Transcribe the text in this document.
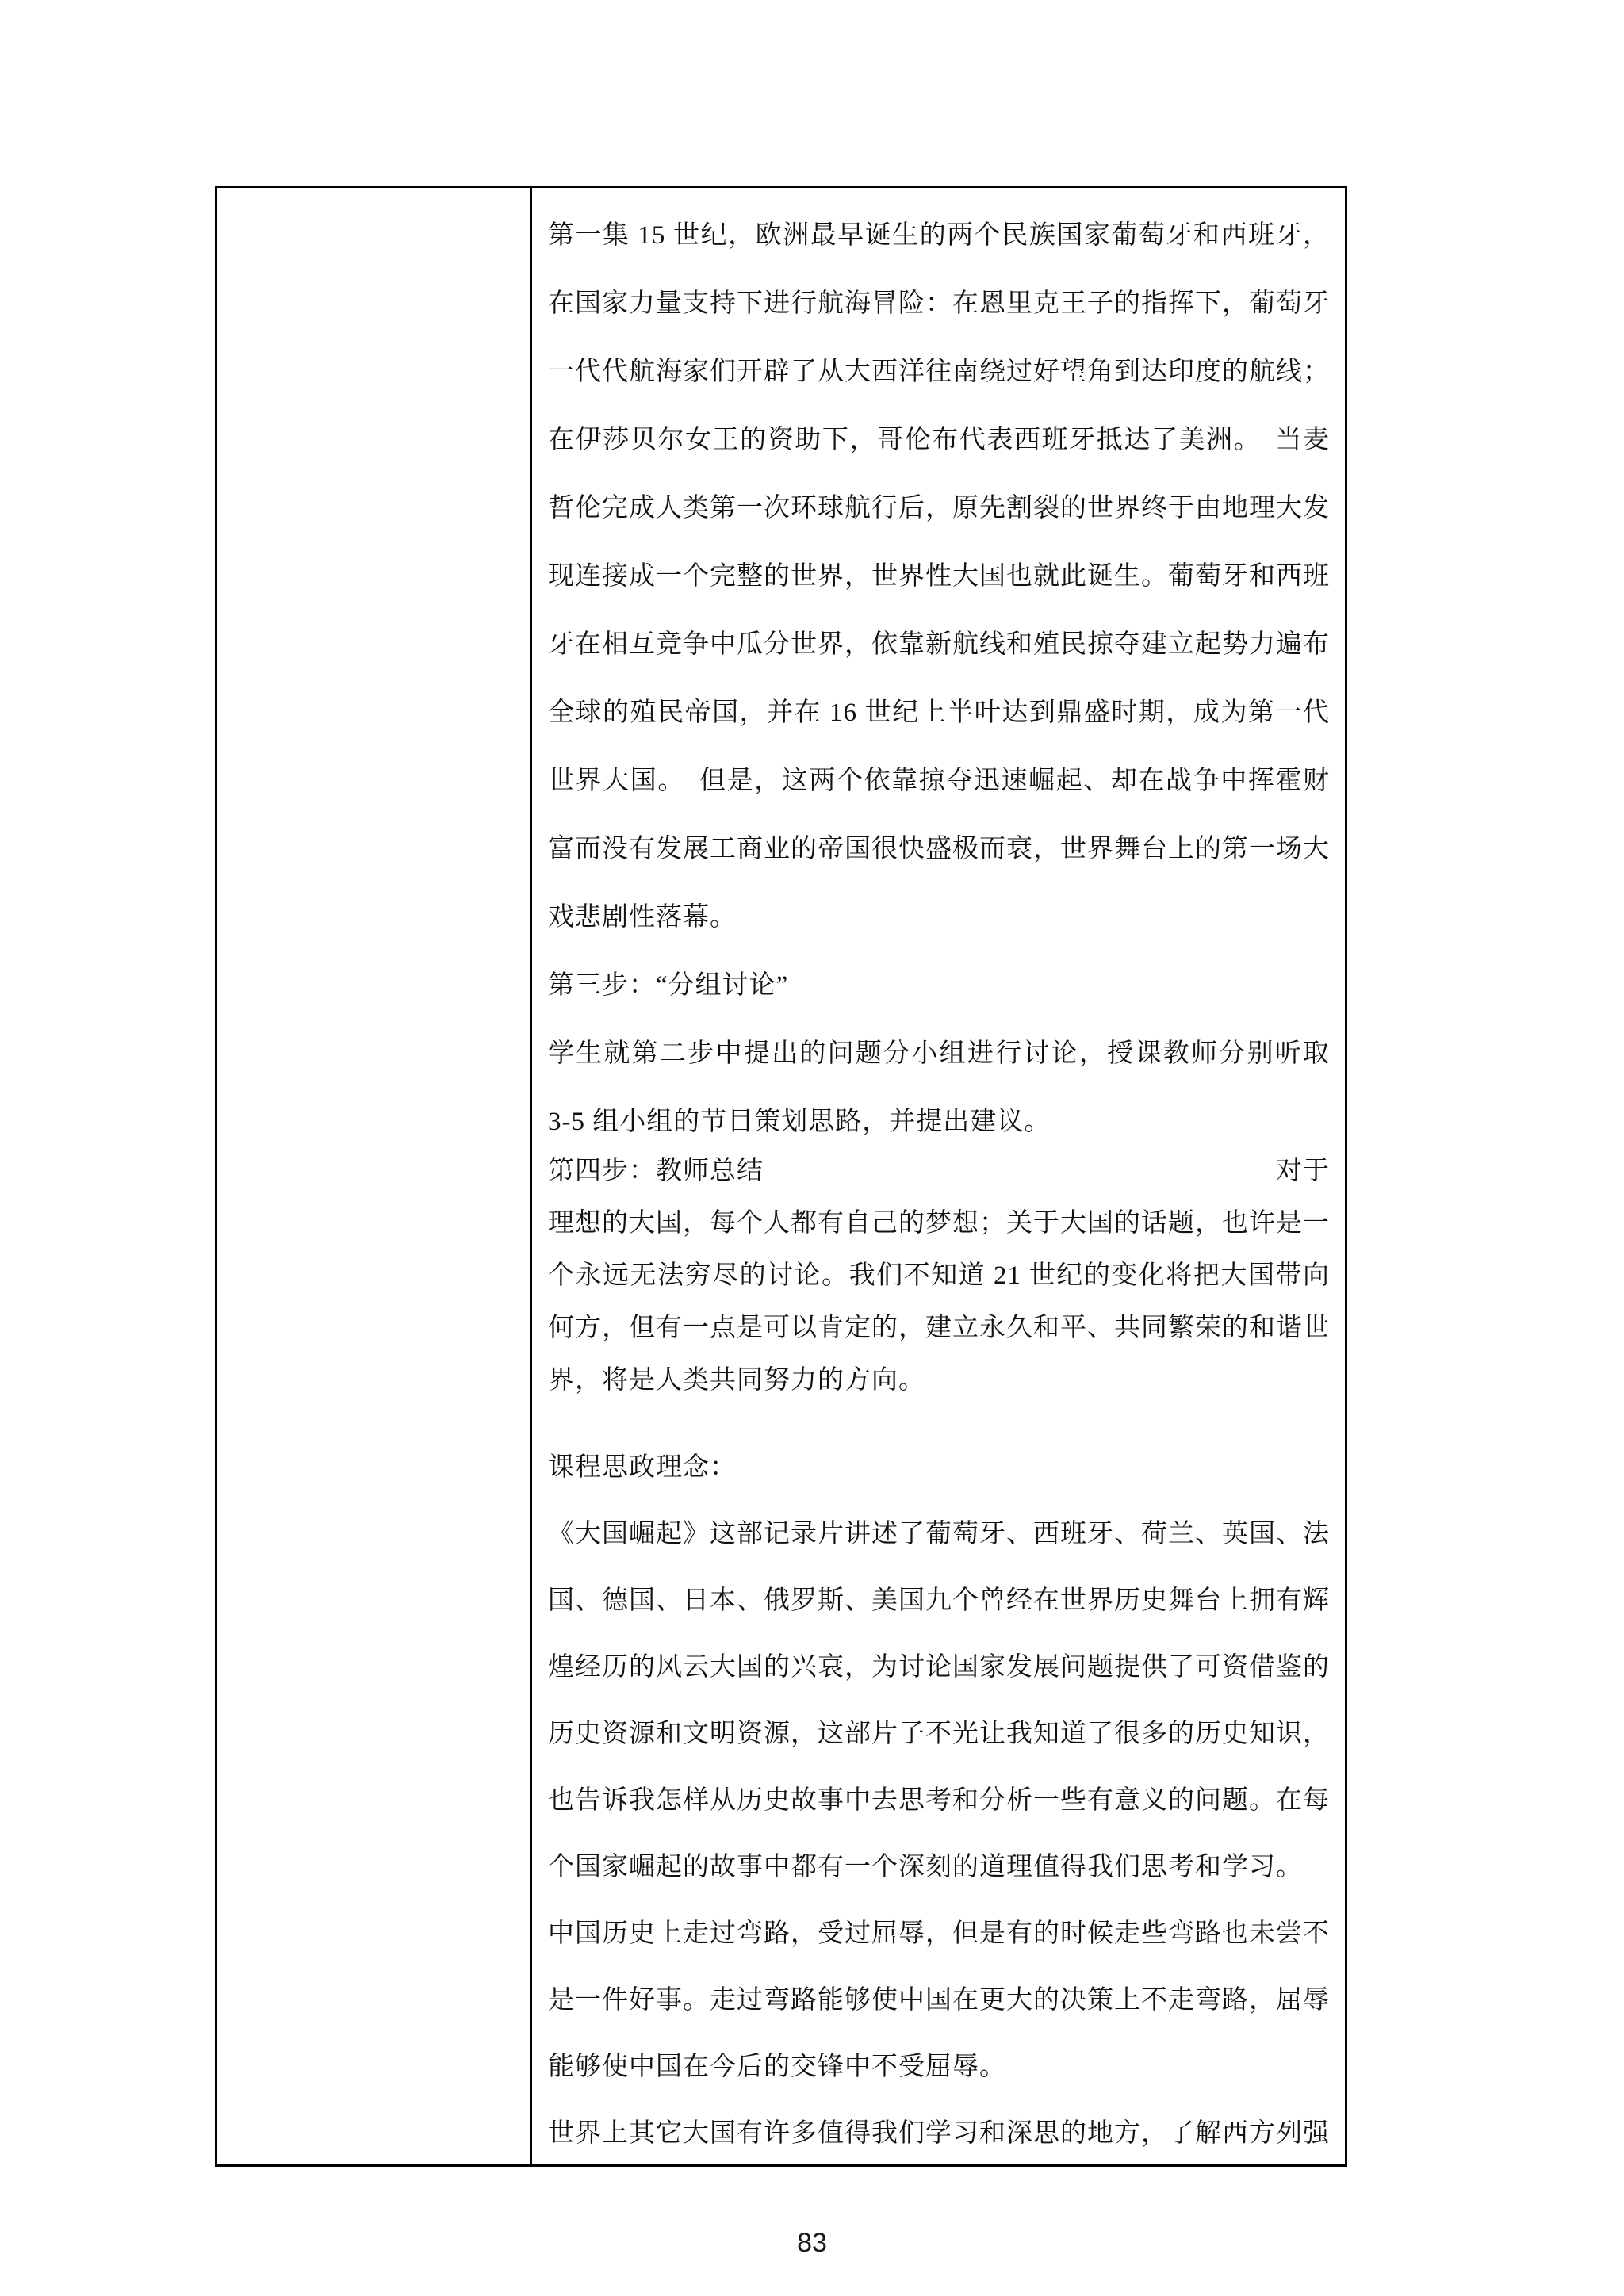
第一集 15 世纪，欧洲最早诞生的两个民族国家葡萄牙和西班牙，
在国家力量支持下进行航海冒险：在恩里克王子的指挥下，葡萄牙
一代代航海家们开辟了从大西洋往南绕过好望角到达印度的航线；
在伊莎贝尔女王的资助下，哥伦布代表西班牙抵达了美洲。　当麦
哲伦完成人类第一次环球航行后，原先割裂的世界终于由地理大发
现连接成一个完整的世界，世界性大国也就此诞生。葡萄牙和西班
牙在相互竞争中瓜分世界，依靠新航线和殖民掠夺建立起势力遍布
全球的殖民帝国，并在 16 世纪上半叶达到鼎盛时期，成为第一代
世界大国。　但是，这两个依靠掠夺迅速崛起、却在战争中挥霍财
富而没有发展工商业的帝国很快盛极而衰，世界舞台上的第一场大
戏悲剧性落幕。
第三步：“分组讨论”
学生就第二步中提出的问题分小组进行讨论，授课教师分别听取
3-5 组小组的节目策划思路，并提出建议。
第四步：教师总结	对于
理想的大国，每个人都有自己的梦想；关于大国的话题，也许是一
个永远无法穷尽的讨论。我们不知道 21 世纪的变化将把大国带向
何方，但有一点是可以肯定的，建立永久和平、共同繁荣的和谐世
界，将是人类共同努力的方向。
课程思政理念：
《大国崛起》这部记录片讲述了葡萄牙、西班牙、荷兰、英国、法
国、德国、日本、俄罗斯、美国九个曾经在世界历史舞台上拥有辉
煌经历的风云大国的兴衰，为讨论国家发展问题提供了可资借鉴的
历史资源和文明资源，这部片子不光让我知道了很多的历史知识，
也告诉我怎样从历史故事中去思考和分析一些有意义的问题。在每
个国家崛起的故事中都有一个深刻的道理值得我们思考和学习。
中国历史上走过弯路，受过屈辱，但是有的时候走些弯路也未尝不
是一件好事。走过弯路能够使中国在更大的决策上不走弯路，屈辱
能够使中国在今后的交锋中不受屈辱。
世界上其它大国有许多值得我们学习和深思的地方，了解西方列强
83
